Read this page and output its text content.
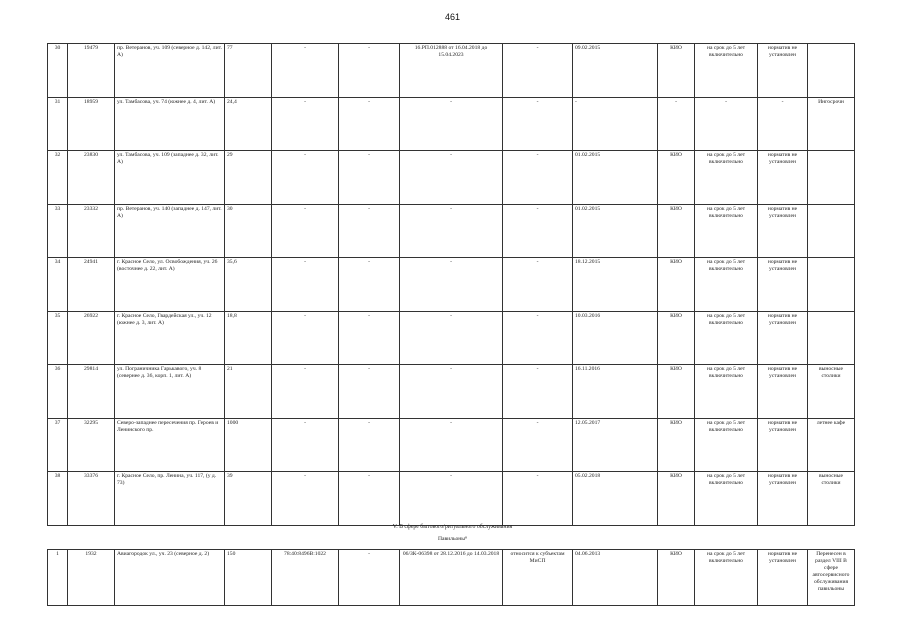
461
30	19479	пр. Ветеранов, уч. 109 (северное д. 142, лит. А)	77	-	-	16.РП.012888 от 16.04.2018 до 15.04.2023	-	09.02.2015	КИО	на срок до 5 лет включительно	норматив не установлен	
31	18959	ул. Тамбасова, уч. 74 (южнее д. 4, лит. А)	24,4	-	-	-	-	-	-	-	-	Ингосрочн
32	23830	ул. Тамбасова, уч. 109 (западнее д. 32, лит. А)	29	-	-	-	-	01.02.2015	КИО	на срок до 5 лет включительно	норматив не установлен	
33	23332	пр. Ветеранов, уч. 140 (западнее д. 147, лит. А)	30	-	-	-	-	01.02.2015	КИО	на срок до 5 лет включительно	норматив не установлен	
34	24941	г. Красное Село, ул. Освобождения, уч. 26 (восточнее д. 22, лит. А)	35,6	-	-	-	-	18.12.2015	КИО	на срок до 5 лет включительно	норматив не установлен	
35	26922	г. Красное Село, Гвардейская ул., уч. 12 (южнее д. 3, лит. А)	18,8	-	-	-	-	10.03.2016	КИО	на срок до 5 лет включительно	норматив не установлен	
36	29814	ул. Пограничника Гарькавого, уч. 8 (севернее д. 36, корп. 1, лит. А)	21	-	-	-	-	16.11.2016	КИО	на срок до 5 лет включительно	норматив не установлен	выносные столики
37	32295	Северо-западнее пересечения пр. Героев и Ленинского пр.	1000	-	-	-	-	12.05.2017	КИО	на срок до 5 лет включительно	норматив не установлен	летнее кафе
38	33376	г. Красное Село, пр. Ленина, уч. 117, (у д. 73)	39	-	-	-	-	05.02.2018	КИО	на срок до 5 лет включительно	норматив не установлен	выносные столики
1	1932	Авиагородок ул., уч. 23 (северное д. 2)	150	78:40:8496В:1022	-	06/ЗК-06398 от 28.12.2016 до 14.03.2018	относится к субъектам МиСП	04.06.2013	КИО	на срок до 5 лет включительно	норматив не установлен	Перенесен в раздел VIII В сфере автосервисного обслуживания павильоны
V. В сфере бытового/ритуального обслуживания
Павильоны⁸
